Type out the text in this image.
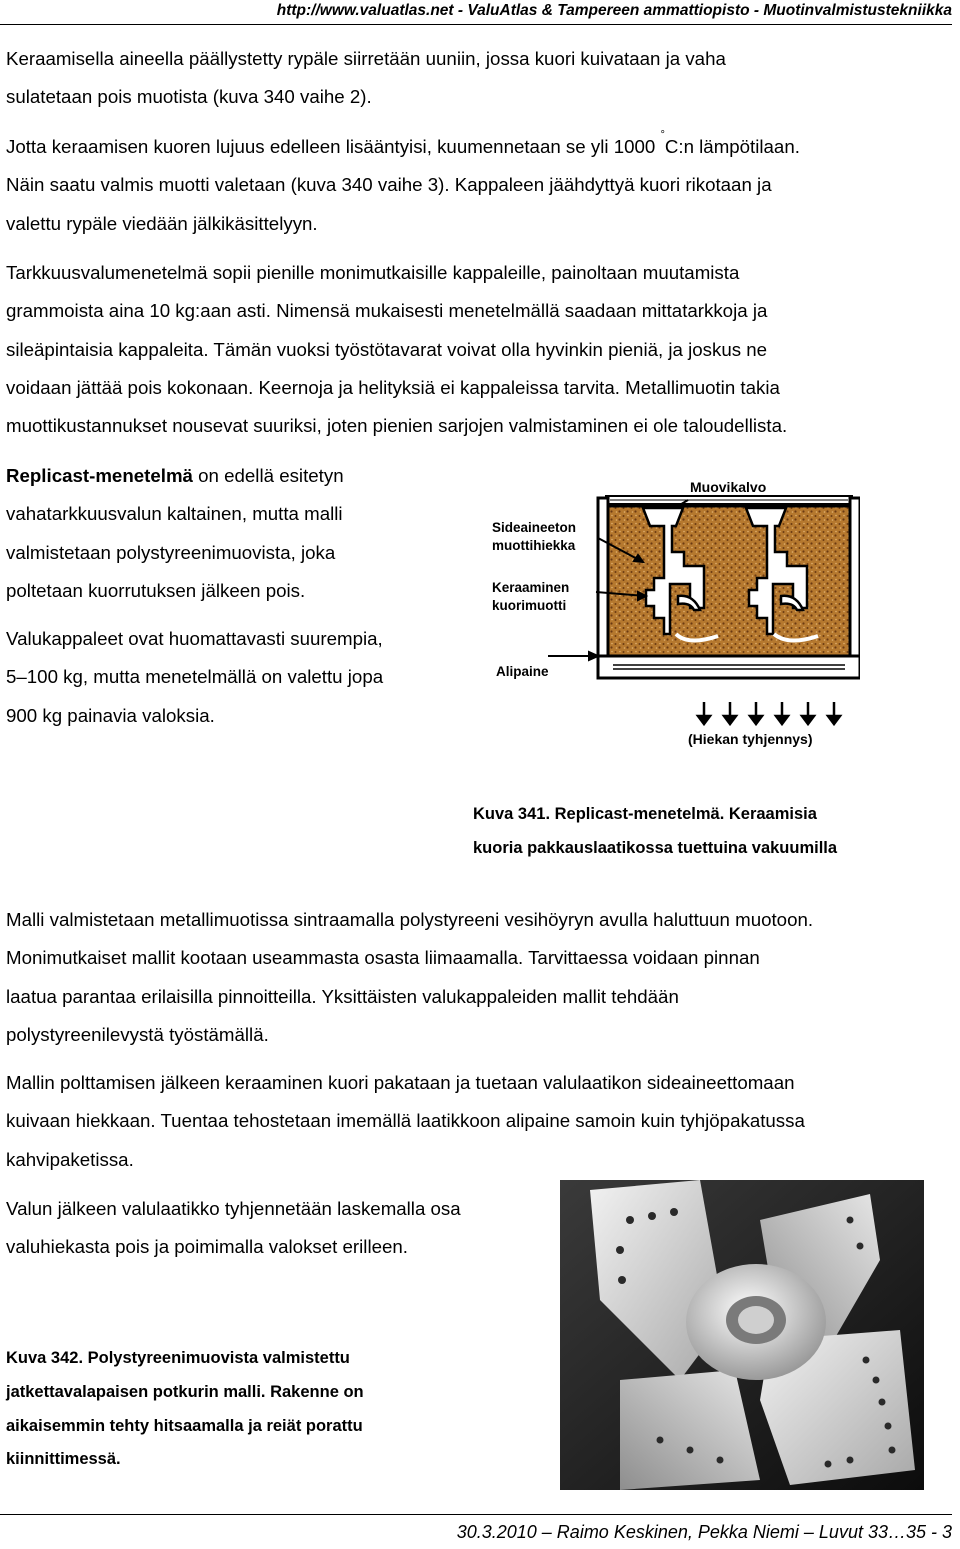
http://www.valuatlas.net - ValuAtlas & Tampereen ammattiopisto - Muotinvalmistustekniikka
Keraamisella aineella päällystetty rypäle siirretään uuniin, jossa kuori kuivataan ja vaha
sulatetaan pois muotista (kuva 340 vaihe 2).
Jotta keraamisen kuoren lujuus edelleen lisääntyisi, kuumennetaan se yli 1000 °C:n lämpötilaan.
Näin saatu valmis muotti valetaan (kuva 340 vaihe 3). Kappaleen jäähdyttyä kuori rikotaan ja
valettu rypäle viedään jälkikäsittelyyn.
Tarkkuusvalumenetelmä sopii pienille monimutkaisille kappaleille, painoltaan muutamista
grammoista aina 10 kg:aan asti. Nimensä mukaisesti menetelmällä saadaan mittatarkkoja ja
sileäpintaisia kappaleita. Tämän vuoksi työstötavarat voivat olla hyvinkin pieniä, ja joskus ne
voidaan jättää pois kokonaan. Keernoja ja helityksiä ei kappaleissa tarvita. Metallimuotin takia
muottikustannukset nousevat suuriksi, joten pienien sarjojen valmistaminen ei ole taloudellista.
Replicast-menetelmä on edellä esitetyn
vahatarkkuusvalun kaltainen, mutta malli
valmistetaan polystyreenimuovista, joka
poltetaan kuorrutuksen jälkeen pois.
Valukappaleet ovat huomattavasti suurempia,
5–100 kg, mutta menetelmällä on valettu jopa
900 kg painavia valoksia.
Muovikalvo
Sideaineeton
muottihiekka
Keraaminen
kuorimuotti
Alipaine
(Hiekan tyhjennys)
Kuva 341. Replicast-menetelmä. Keraamisia
kuoria pakkauslaatikossa tuettuina vakuumilla
Malli valmistetaan metallimuotissa sintraamalla polystyreeni vesihöyryn avulla haluttuun muotoon.
Monimutkaiset mallit kootaan useammasta osasta liimaamalla. Tarvittaessa voidaan pinnan
laatua parantaa erilaisilla pinnoitteilla. Yksittäisten valukappaleiden mallit tehdään
polystyreenilevystä työstämällä.
Mallin polttamisen jälkeen keraaminen kuori pakataan ja tuetaan valulaatikon sideaineettomaan
kuivaan hiekkaan. Tuentaa tehostetaan imemällä laatikkoon alipaine samoin kuin tyhjöpakatussa
kahvipaketissa.
Valun jälkeen valulaatikko tyhjennetään laskemalla osa
valuhiekasta pois ja poimimalla valokset erilleen.
Kuva 342. Polystyreenimuovista valmistettu
jatkettavalapaisen potkurin malli. Rakenne on
aikaisemmin tehty hitsaamalla ja reiät porattu
kiinnittimessä.
30.3.2010 – Raimo Keskinen, Pekka Niemi – Luvut 33…35 - 3
